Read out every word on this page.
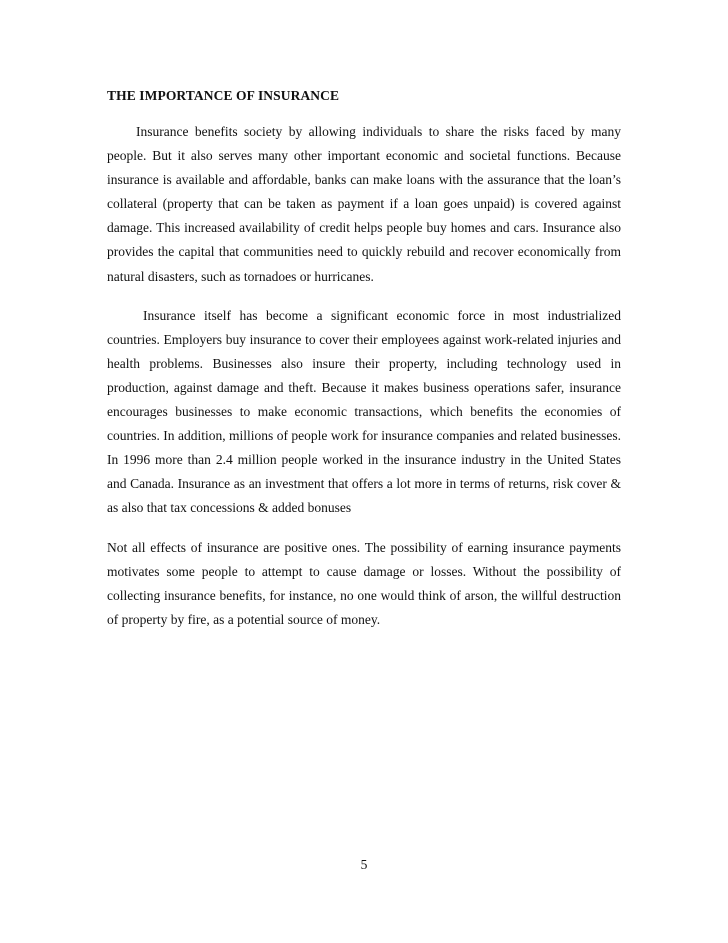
THE IMPORTANCE OF INSURANCE

Insurance benefits society by allowing individuals to share the risks faced by many people. But it also serves many other important economic and societal functions. Because insurance is available and affordable, banks can make loans with the assurance that the loan’s collateral (property that can be taken as payment if a loan goes unpaid) is covered against damage. This increased availability of credit helps people buy homes and cars. Insurance also provides the capital that communities need to quickly rebuild and recover economically from natural disasters, such as tornadoes or hurricanes.

Insurance itself has become a significant economic force in most industrialized countries. Employers buy insurance to cover their employees against work-related injuries and health problems. Businesses also insure their property, including technology used in production, against damage and theft. Because it makes business operations safer, insurance encourages businesses to make economic transactions, which benefits the economies of countries. In addition, millions of people work for insurance companies and related businesses. In 1996 more than 2.4 million people worked in the insurance industry in the United States and Canada. Insurance as an investment that offers a lot more in terms of returns, risk cover & as also that tax concessions & added bonuses

Not all effects of insurance are positive ones. The possibility of earning insurance payments motivates some people to attempt to cause damage or losses. Without the possibility of collecting insurance benefits, for instance, no one would think of arson, the willful destruction of property by fire, as a potential source of money.

5
